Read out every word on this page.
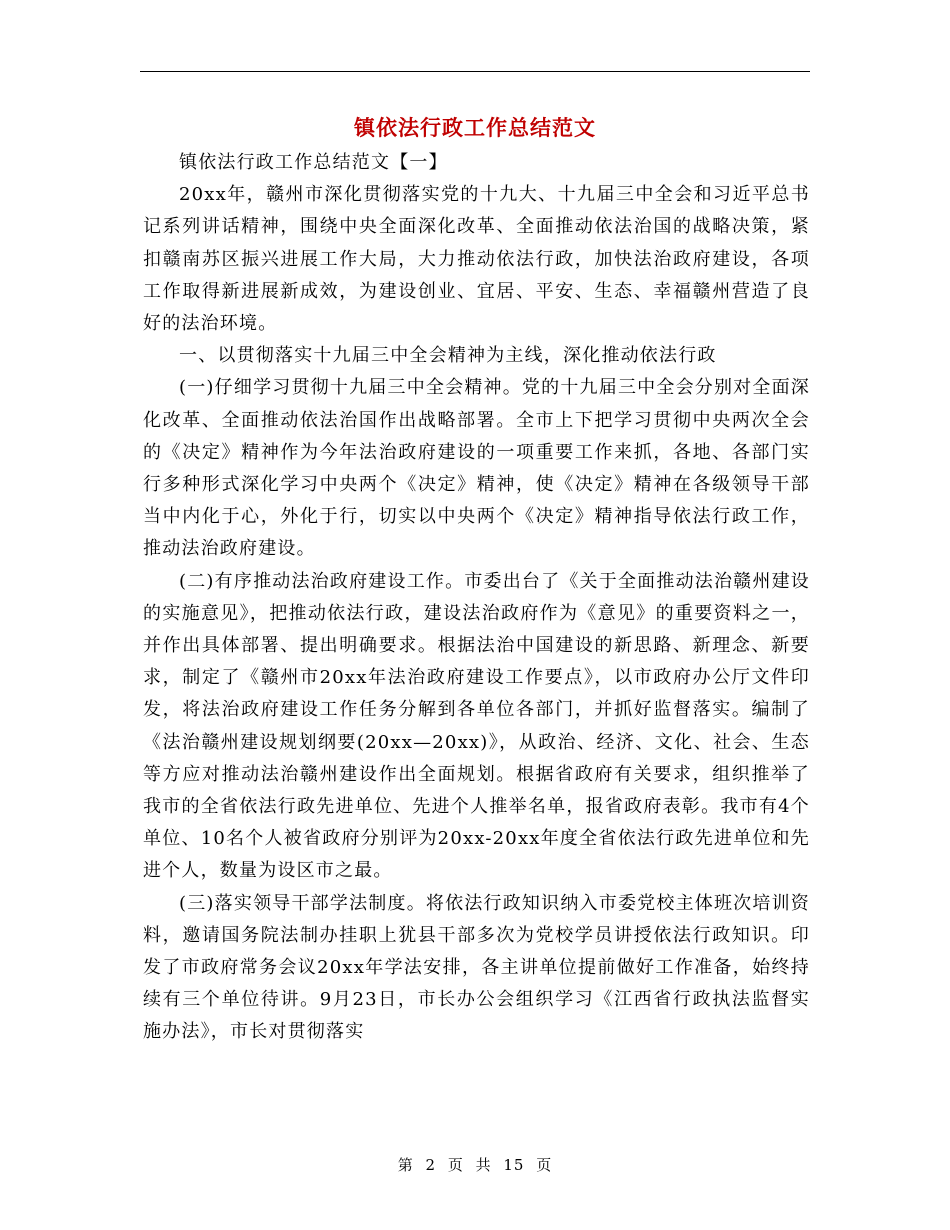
镇依法行政工作总结范文

镇依法行政工作总结范文【一】

20xx年，赣州市深化贯彻落实党的十九大、十九届三中全会和习近平总书记系列讲话精神，围绕中央全面深化改革、全面推动依法治国的战略决策，紧扣赣南苏区振兴进展工作大局，大力推动依法行政，加快法治政府建设，各项工作取得新进展新成效，为建设创业、宜居、平安、生态、幸福赣州营造了良好的法治环境。

一、以贯彻落实十九届三中全会精神为主线，深化推动依法行政

(一)仔细学习贯彻十九届三中全会精神。党的十九届三中全会分别对全面深化改革、全面推动依法治国作出战略部署。全市上下把学习贯彻中央两次全会的《决定》精神作为今年法治政府建设的一项重要工作来抓，各地、各部门实行多种形式深化学习中央两个《决定》精神，使《决定》精神在各级领导干部当中内化于心，外化于行，切实以中央两个《决定》精神指导依法行政工作，推动法治政府建设。

(二)有序推动法治政府建设工作。市委出台了《关于全面推动法治赣州建设的实施意见》，把推动依法行政，建设法治政府作为《意见》的重要资料之一，并作出具体部署、提出明确要求。根据法治中国建设的新思路、新理念、新要求，制定了《赣州市20xx年法治政府建设工作要点》，以市政府办公厅文件印发，将法治政府建设工作任务分解到各单位各部门，并抓好监督落实。编制了《法治赣州建设规划纲要(20xx—20xx)》，从政治、经济、文化、社会、生态等方应对推动法治赣州建设作出全面规划。根据省政府有关要求，组织推举了我市的全省依法行政先进单位、先进个人推举名单，报省政府表彰。我市有4个单位、10名个人被省政府分别评为20xx-20xx年度全省依法行政先进单位和先进个人，数量为设区市之最。

(三)落实领导干部学法制度。将依法行政知识纳入市委党校主体班次培训资料，邀请国务院法制办挂职上犹县干部多次为党校学员讲授依法行政知识。印发了市政府常务会议20xx年学法安排，各主讲单位提前做好工作准备，始终持续有三个单位待讲。9月23日，市长办公会组织学习《江西省行政执法监督实施办法》，市长对贯彻落实

第 2 页 共 15 页
